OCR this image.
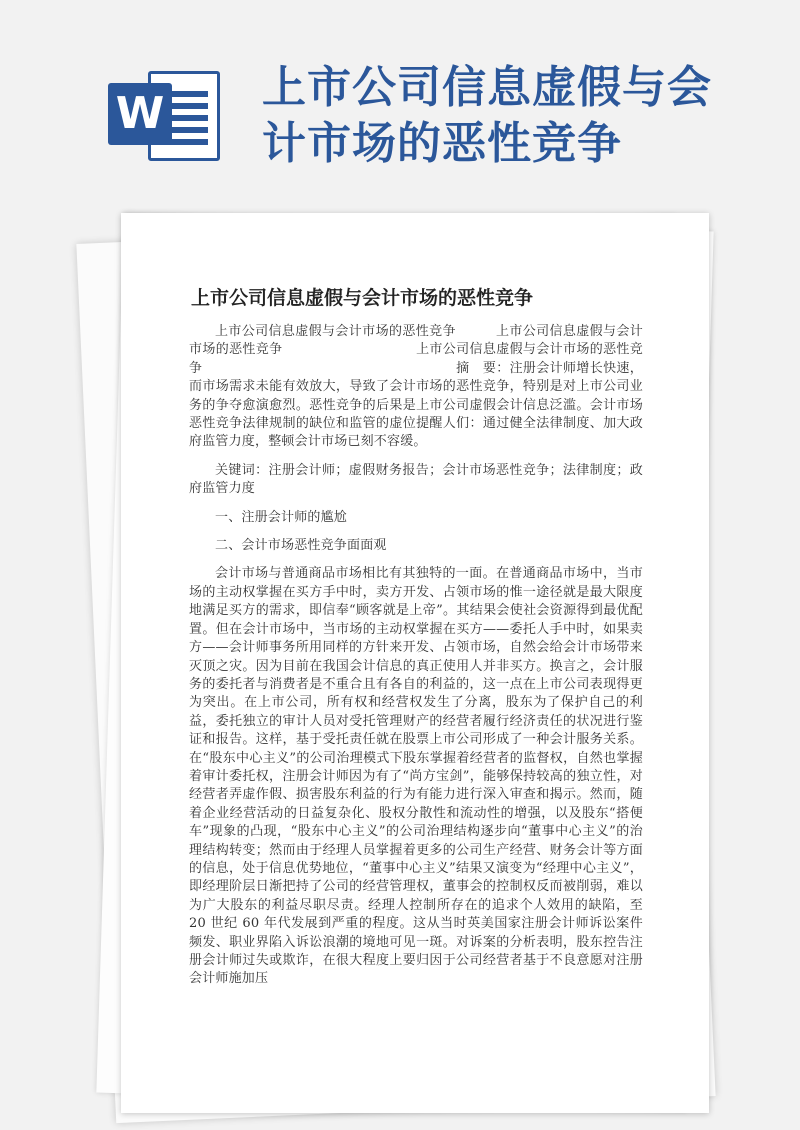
W
上市公司信息虚假与会计市场的恶性竞争
上市公司信息虚假与会计市场的恶性竞争

上市公司信息虚假与会计市场的恶性竞争　　　上市公司信息虚假与会计市场的恶性竞争　　　　　　　　　　上市公司信息虚假与会计市场的恶性竞争　　　　　　　　　　　　　　　　　　　摘　要：注册会计师增长快速，而市场需求未能有效放大，导致了会计市场的恶性竞争，特别是对上市公司业务的争夺愈演愈烈。恶性竞争的后果是上市公司虚假会计信息泛滥。会计市场恶性竞争法律规制的缺位和监管的虚位提醒人们：通过健全法律制度、加大政府监管力度，整顿会计市场已刻不容缓。

关键词：注册会计师；虚假财务报告；会计市场恶性竞争；法律制度；政府监管力度

一、注册会计师的尴尬

二、会计市场恶性竞争面面观

会计市场与普通商品市场相比有其独特的一面。在普通商品市场中，当市场的主动权掌握在买方手中时，卖方开发、占领市场的惟一途径就是最大限度地满足买方的需求，即信奉“顾客就是上帝”。其结果会使社会资源得到最优配置。但在会计市场中，当市场的主动权掌握在买方——委托人手中时，如果卖方——会计师事务所用同样的方针来开发、占领市场，自然会给会计市场带来灭顶之灾。因为目前在我国会计信息的真正使用人并非买方。换言之，会计服务的委托者与消费者是不重合且有各自的利益的，这一点在上市公司表现得更为突出。在上市公司，所有权和经营权发生了分离，股东为了保护自己的利益，委托独立的审计人员对受托管理财产的经营者履行经济责任的状况进行鉴证和报告。这样，基于受托责任就在股票上市公司形成了一种会计服务关系。在“股东中心主义”的公司治理模式下股东掌握着经营者的监督权，自然也掌握着审计委托权，注册会计师因为有了“尚方宝剑”，能够保持较高的独立性，对经营者弄虚作假、损害股东利益的行为有能力进行深入审查和揭示。然而，随着企业经营活动的日益复杂化、股权分散性和流动性的增强，以及股东“搭便车”现象的凸现，“股东中心主义”的公司治理结构逐步向“董事中心主义”的治理结构转变；然而由于经理人员掌握着更多的公司生产经营、财务会计等方面的信息，处于信息优势地位，“董事中心主义”结果又演变为“经理中心主义”，即经理阶层日渐把持了公司的经营管理权，董事会的控制权反而被削弱，难以为广大股东的利益尽职尽责。经理人控制所存在的追求个人效用的缺陷，至 20 世纪 60 年代发展到严重的程度。这从当时英美国家注册会计师诉讼案件频发、职业界陷入诉讼浪潮的境地可见一斑。对诉案的分析表明，股东控告注册会计师过失或欺诈，在很大程度上要归因于公司经营者基于不良意愿对注册会计师施加压
